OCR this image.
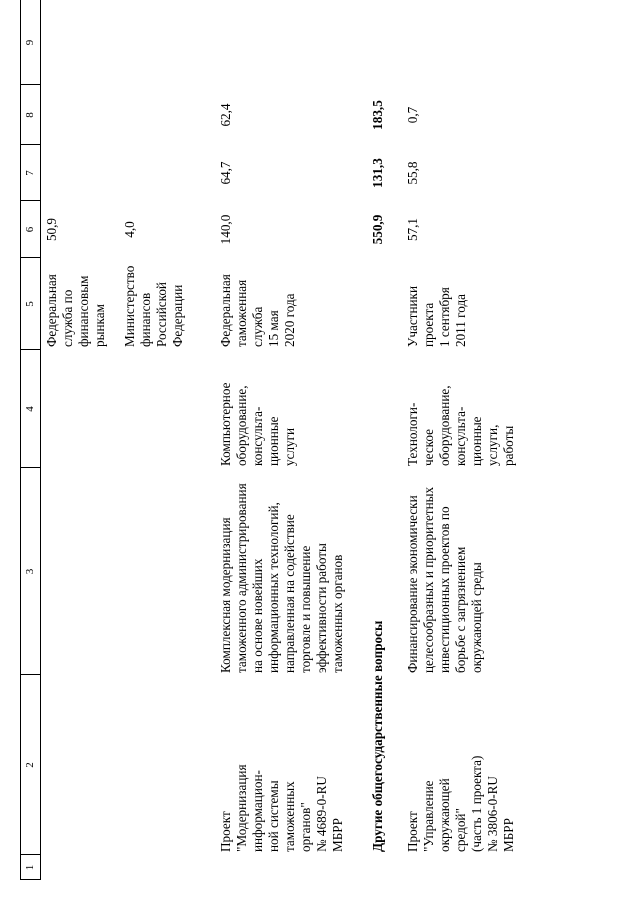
1
2
3
4
5
6
7
8
9
Федеральная
служба по
финансовым
рынкам
50,9
Министерство
финансов
Российской
Федерации
4,0
Проект
"Модернизация
информацион-
ной системы
таможенных
органов"
№ 4689-0-RU
МБРР
Комплексная модернизация
таможенного администрирования
на основе новейших
информационных технологий,
направленная на содействие
торговле и повышение
эффективности работы
таможенных органов
Компьютерное
оборудование,
консульта-
ционные
услуги
Федеральная
таможенная
служба
15 мая
2020 года
140,0
64,7
62,4
Другие общегосударственные вопросы
550,9
131,3
183,5
Проект
"Управление
окружающей
средой"
(часть 1 проекта)
№ 3806-0-RU
МБРР
Финансирование экономически
целесообразных и приоритетных
инвестиционных проектов по
борьбе с загрязнением
окружающей среды
Технологи-
ческое
оборудование,
консульта-
ционные
услуги,
работы
Участники
проекта
1 сентября
2011 года
57,1
55,8
0,7
